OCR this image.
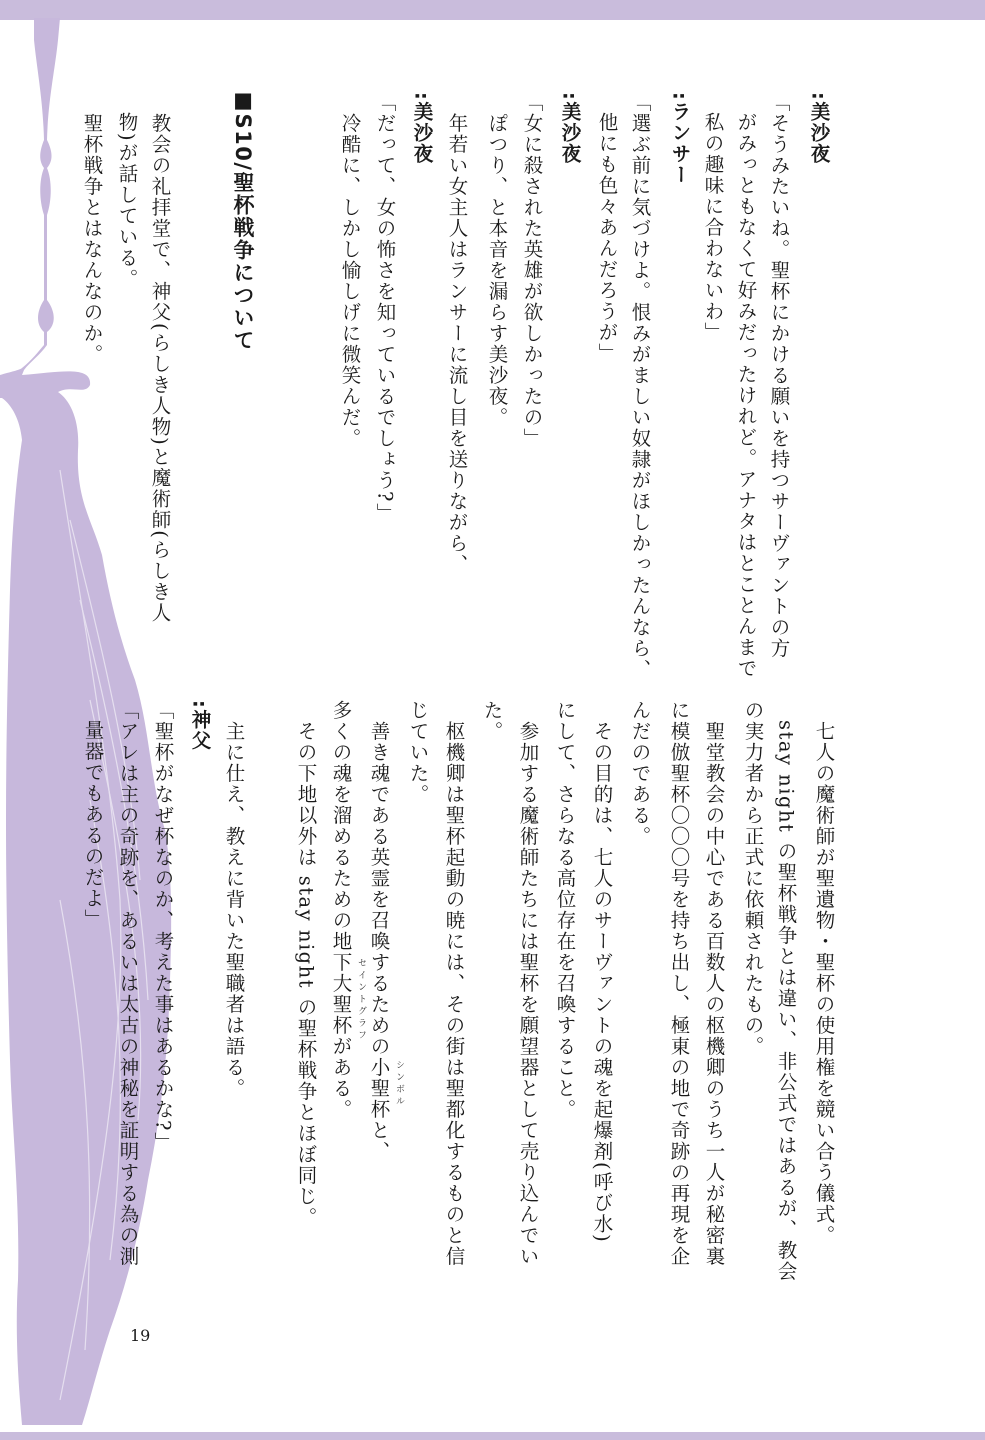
:美沙夜
「そうみたいね。聖杯にかける願いを持つサーヴァントの方
がみっともなくて好みだったけれど。アナタはとことんまで
私の趣味に合わないわ」
:ランサー
「選ぶ前に気づけよ。恨みがましい奴隷がほしかったんなら、
他にも色々あんだろうが」
:美沙夜
「女に殺された英雄が欲しかったの」
　ぽつり、と本音を漏らす美沙夜。
　年若い女主人はランサーに流し目を送りながら、
:美沙夜
「だって、女の怖さを知っているでしょう?」
　冷酷に、しかし愉しげに微笑んだ。
■S10/聖杯戦争について
　教会の礼拝堂で、神父(らしき人物)と魔術師(らしき人
物)が話している。
　聖杯戦争とはなんなのか。
　七人の魔術師が聖遺物・聖杯の使用権を競い合う儀式。
stay night の聖杯戦争とは違い、非公式ではあるが、教会
の実力者から正式に依頼されたもの。
　聖堂教会の中心である百数人の枢機卿のうち一人が秘密裏
に模倣聖杯〇〇〇号を持ち出し、極東の地で奇跡の再現を企
んだのである。
　その目的は、七人のサーヴァントの魂を起爆剤(呼び水)
にして、さらなる高位存在を召喚すること。
　参加する魔術師たちには聖杯を願望器として売り込んでい
た。
　枢機卿は聖杯起動の暁には、その街は聖都化するものと信
じていた。
　善き魂である英霊を召喚するための小聖杯と、 シンボル
多くの魂を溜めるための地下大聖杯がある。 セイントグラフ
　その下地以外は stay night の聖杯戦争とほぼ同じ。
　主に仕え、教えに背いた聖職者は語る。
:神父
「聖杯がなぜ杯なのか、考えた事はあるかな?」
「アレは主の奇跡を、あるいは太古の神秘を証明する為の測
量器でもあるのだよ」
19
